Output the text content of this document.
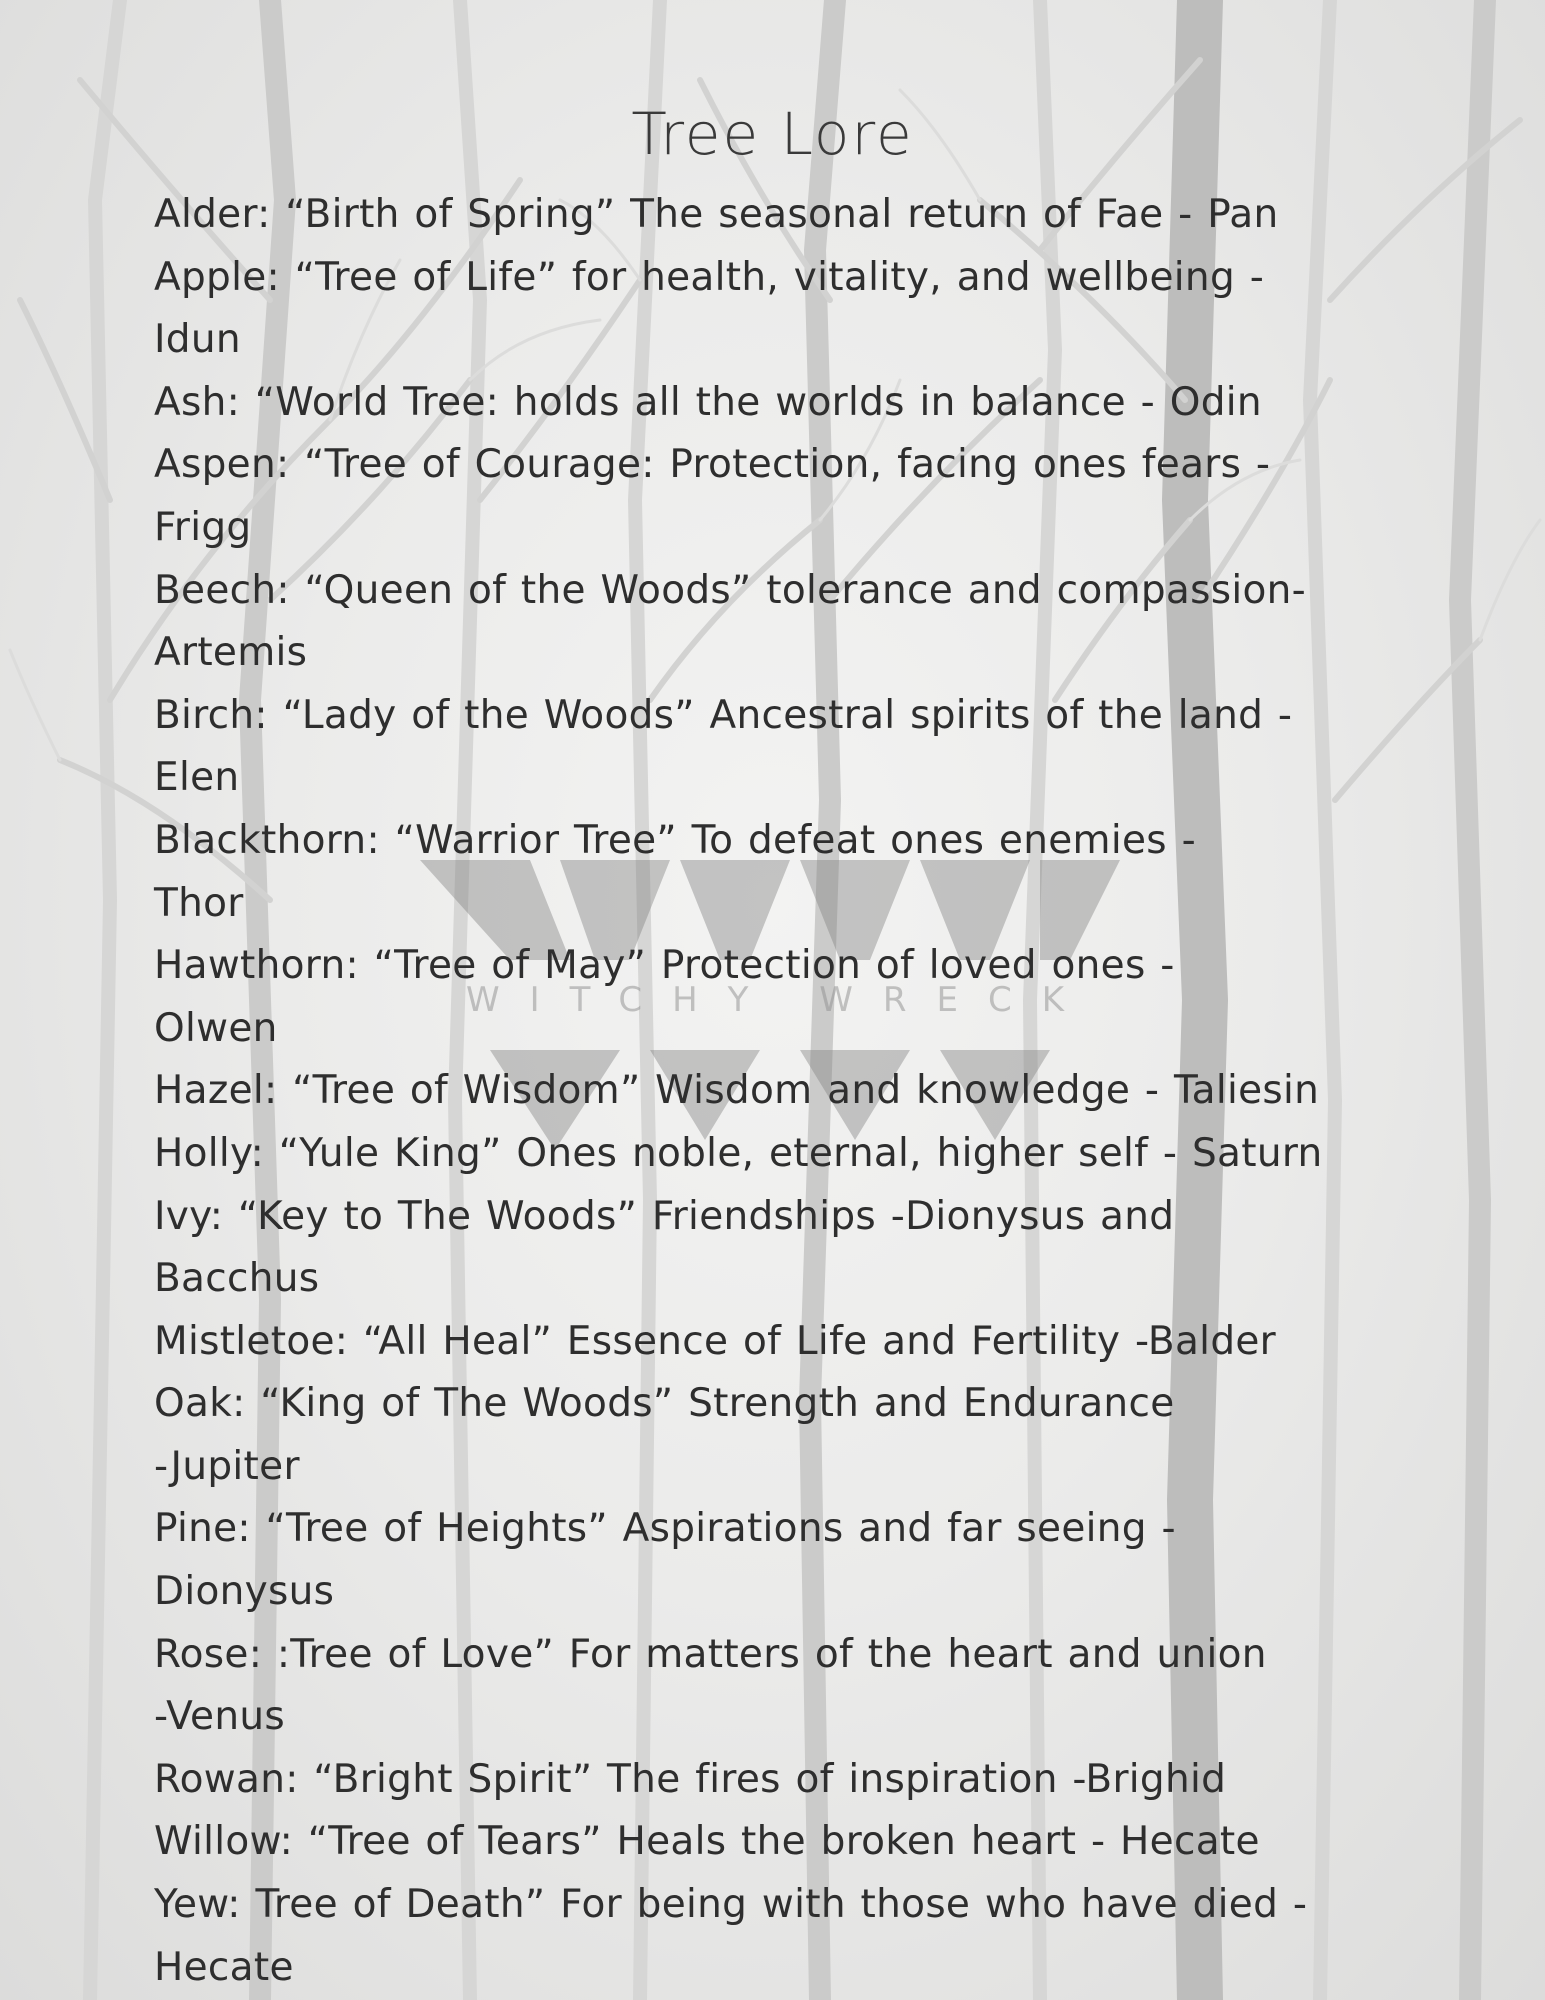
WITCHY WRECK
Tree Lore
Alder: “Birth of Spring” The seasonal return of Fae - Pan
Apple: “Tree of Life” for health, vitality, and wellbeing -
Idun
Ash: “World Tree: holds all the worlds in balance - Odin
Aspen: “Tree of Courage: Protection, facing ones fears -
Frigg
Beech: “Queen of the Woods” tolerance and compassion-
Artemis
Birch: “Lady of the Woods” Ancestral spirits of the land -
Elen
Blackthorn: “Warrior Tree” To defeat ones enemies -
Thor
Hawthorn: “Tree of May” Protection of loved ones -
Olwen
Hazel: “Tree of Wisdom” Wisdom and knowledge - Taliesin
Holly: “Yule King” Ones noble, eternal, higher self - Saturn
Ivy: “Key to The Woods” Friendships -Dionysus and
Bacchus
Mistletoe: “All Heal” Essence of Life and Fertility -Balder
Oak: “King of The Woods” Strength and Endurance
-Jupiter
Pine: “Tree of Heights” Aspirations and far seeing -
Dionysus
Rose: :Tree of Love” For matters of the heart and union
-Venus
Rowan: “Bright Spirit” The fires of inspiration -Brighid
Willow: “Tree of Tears” Heals the broken heart - Hecate
Yew: Tree of Death” For being with those who have died -
Hecate
